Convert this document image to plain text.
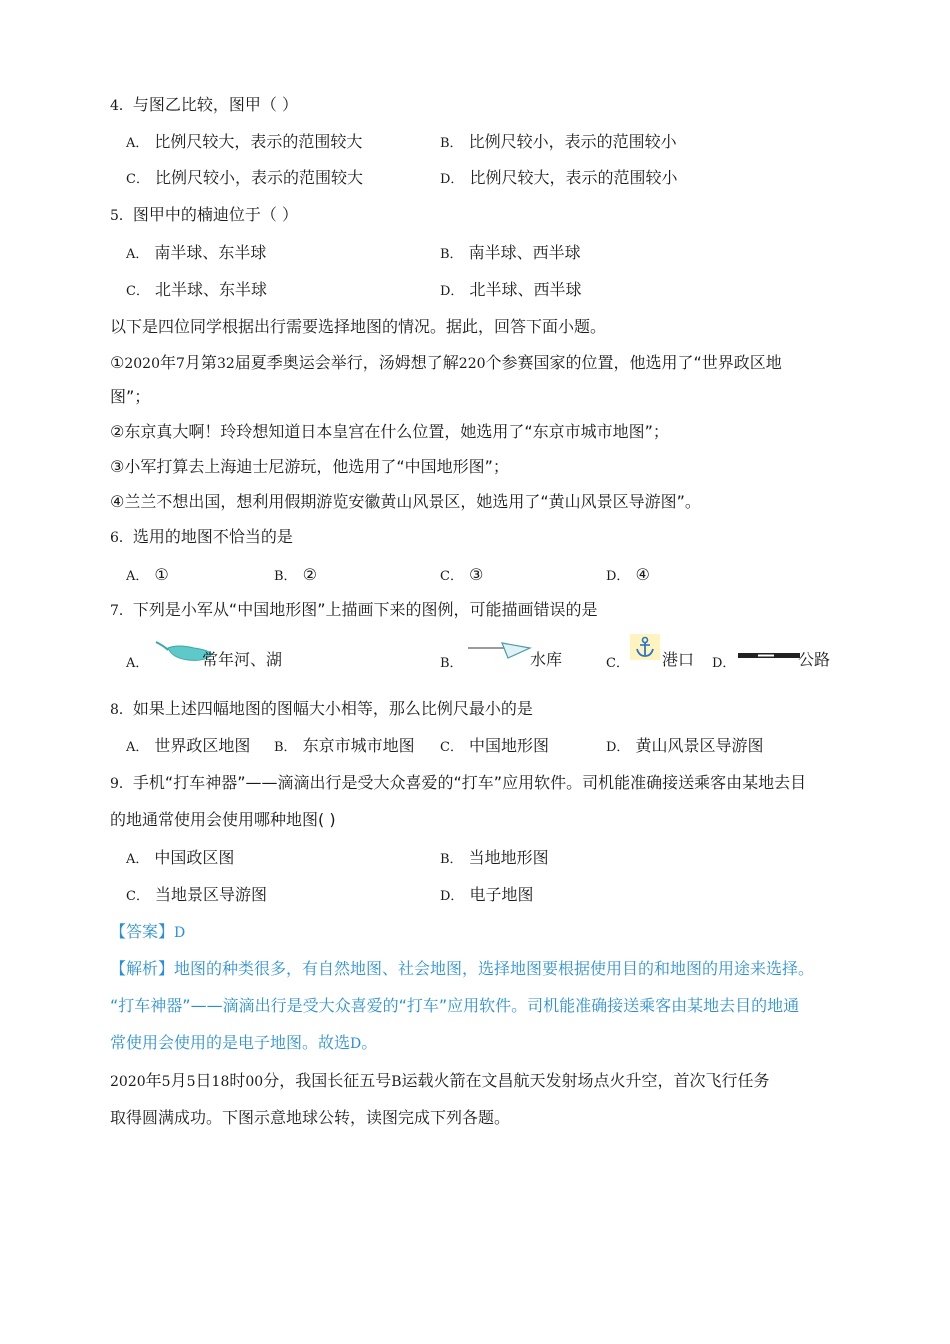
4．与图乙比较，图甲（ ）
A． 比例尺较大，表示的范围较大	B． 比例尺较小，表示的范围较小
C． 比例尺较小，表示的范围较大	D． 比例尺较大，表示的范围较小
5．图甲中的楠迪位于（ ）
A． 南半球、东半球	B． 南半球、西半球
C． 北半球、东半球	D． 北半球、西半球
以下是四位同学根据出行需要选择地图的情况。据此，回答下面小题。
①2020年7月第32届夏季奥运会举行，汤姆想了解220个参赛国家的位置，他选用了“世界政区地
图”；
②东京真大啊！玲玲想知道日本皇宫在什么位置，她选用了“东京市城市地图”；
③小军打算去上海迪士尼游玩，他选用了“中国地形图”；
④兰兰不想出国，想利用假期游览安徽黄山风景区，她选用了“黄山风景区导游图”。
6．选用的地图不恰当的是
A． ①	B． ②	C． ③	D． ④
7．下列是小军从“中国地形图”上描画下来的图例，可能描画错误的是
A．	常年河、湖	B．	水库	C． 港口 D．	公路
8．如果上述四幅地图的图幅大小相等，那么比例尺最小的是
A． 世界政区地图 B． 东京市城市地图 C． 中国地形图	D． 黄山风景区导游图
9．手机“打车神器”——滴滴出行是受大众喜爱的“打车”应用软件。司机能准确接送乘客由某地去目
的地通常使用会使用哪种地图( )
A． 中国政区图	B． 当地地形图
C． 当地景区导游图	D． 电子地图
【答案】D
【解析】地图的种类很多，有自然地图、社会地图，选择地图要根据使用目的和地图的用途来选择。
“打车神器”——滴滴出行是受大众喜爱的“打车”应用软件。司机能准确接送乘客由某地去目的地通
常使用会使用的是电子地图。故选D。
2020年5月5日18时00分，我国长征五号B运载火箭在文昌航天发射场点火升空，首次飞行任务
取得圆满成功。下图示意地球公转，读图完成下列各题。
